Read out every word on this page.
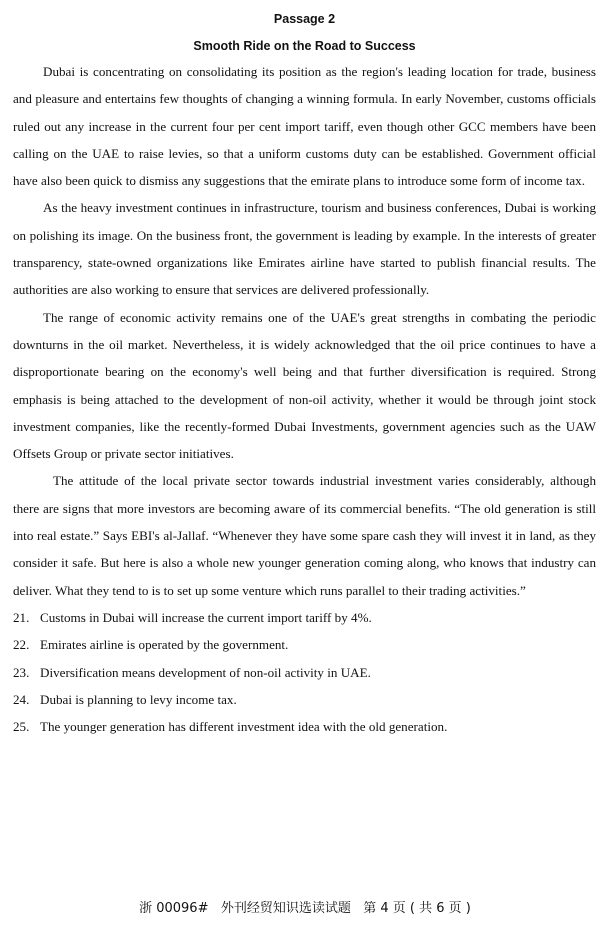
Passage 2
Smooth Ride on the Road to Success

Dubai is concentrating on consolidating its position as the region's leading location for trade, business and pleasure and entertains few thoughts of changing a winning formula. In early November, customs officials ruled out any increase in the current four per cent import tariff, even though other GCC members have been calling on the UAE to raise levies, so that a uniform customs duty can be established. Government official have also been quick to dismiss any suggestions that the emirate plans to introduce some form of income tax.

As the heavy investment continues in infrastructure, tourism and business conferences, Dubai is working on polishing its image. On the business front, the government is leading by example. In the interests of greater transparency, state-owned organizations like Emirates airline have started to publish financial results. The authorities are also working to ensure that services are delivered professionally.

The range of economic activity remains one of the UAE's great strengths in combating the periodic downturns in the oil market. Nevertheless, it is widely acknowledged that the oil price continues to have a disproportionate bearing on the economy's well being and that further diversification is required. Strong emphasis is being attached to the development of non-oil activity, whether it would be through joint stock investment companies, like the recently-formed Dubai Investments, government agencies such as the UAW Offsets Group or private sector initiatives.

The attitude of the local private sector towards industrial investment varies considerably, although there are signs that more investors are becoming aware of its commercial benefits. “The old generation is still into real estate.” Says EBI's al-Jallaf. “Whenever they have some spare cash they will invest it in land, as they consider it safe. But here is also a whole new younger generation coming along, who knows that industry can deliver. What they tend to is to set up some venture which runs parallel to their trading activities.”

21. Customs in Dubai will increase the current import tariff by 4%.
22. Emirates airline is operated by the government.
23. Diversification means development of non-oil activity in UAE.
24. Dubai is planning to levy income tax.
25. The younger generation has different investment idea with the old generation.
浙 00096#   外刊经贸知识选读试题   第 4 页 ( 共 6 页 )
